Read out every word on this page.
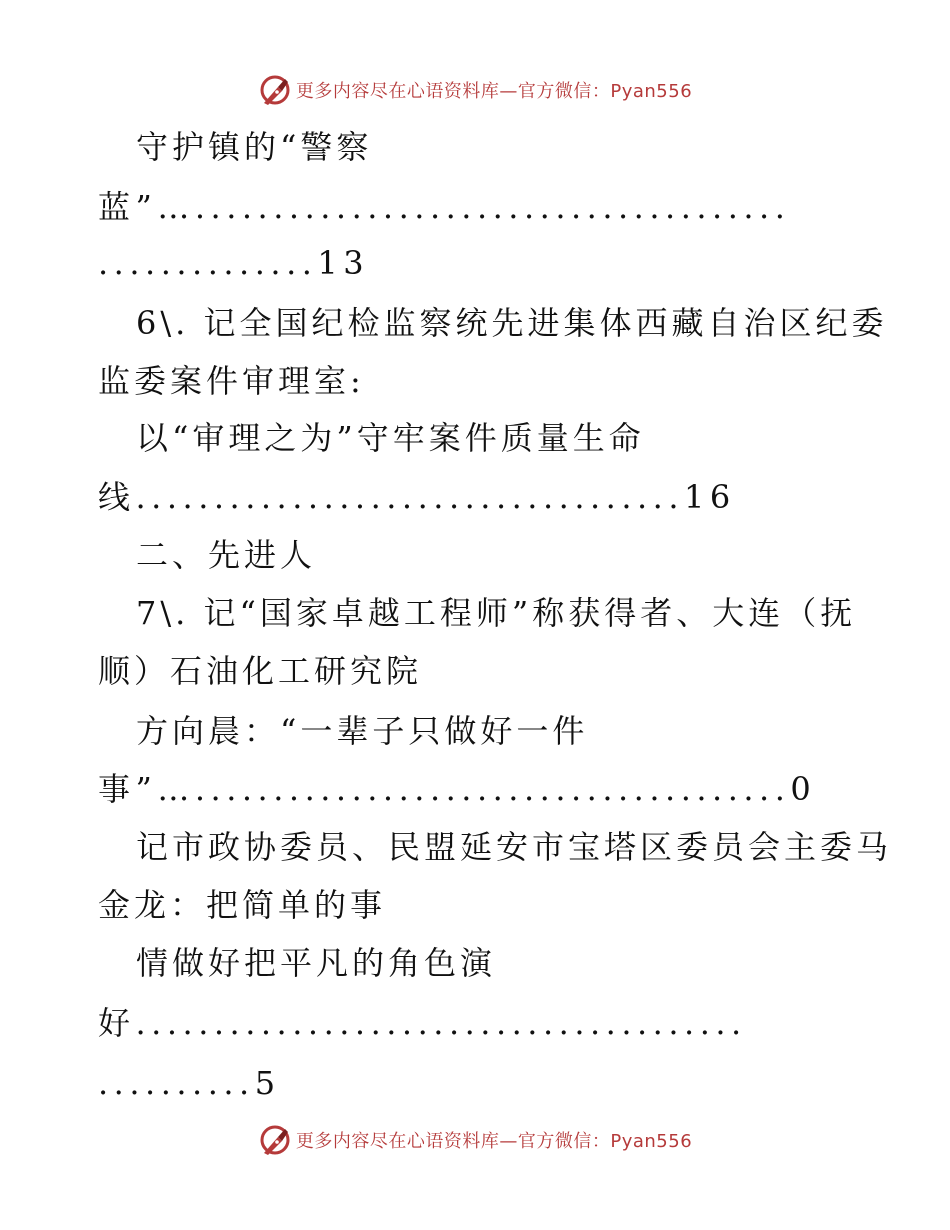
更多内容尽在心语资料库—官方微信：Pyan556
守护镇的“警察
蓝”…......................................
..............13
6\. 记全国纪检监察统先进集体西藏自治区纪委
监委案件审理室:
以“审理之为”守牢案件质量生命
线...................................16
二、先进人
7\. 记“国家卓越工程师”称获得者、大连（抚
顺）石油化工研究院
方向晨：“一辈子只做好一件
事”…......................................0
记市政协委员、民盟延安市宝塔区委员会主委马
金龙：把简单的事
情做好把平凡的角色演
好.......................................
..........5
更多内容尽在心语资料库—官方微信：Pyan556
